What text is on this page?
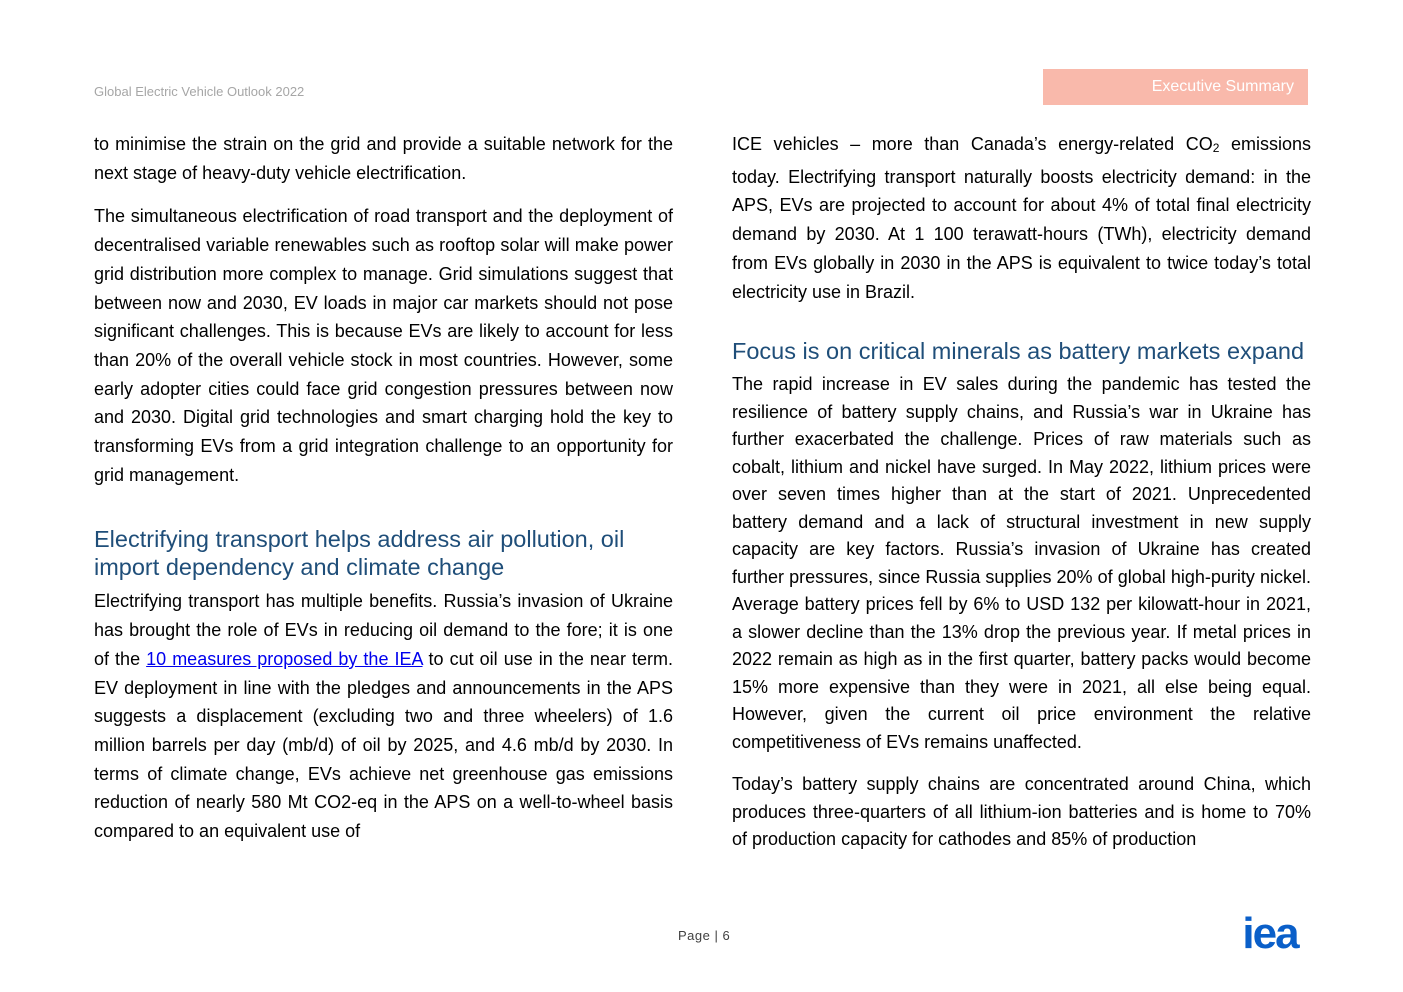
Global Electric Vehicle Outlook 2022	Executive Summary

to minimise the strain on the grid and provide a suitable network for the next stage of heavy-duty vehicle electrification.

The simultaneous electrification of road transport and the deployment of decentralised variable renewables such as rooftop solar will make power grid distribution more complex to manage. Grid simulations suggest that between now and 2030, EV loads in major car markets should not pose significant challenges. This is because EVs are likely to account for less than 20% of the overall vehicle stock in most countries. However, some early adopter cities could face grid congestion pressures between now and 2030. Digital grid technologies and smart charging hold the key to transforming EVs from a grid integration challenge to an opportunity for grid management.

Electrifying transport helps address air pollution, oil import dependency and climate change

Electrifying transport has multiple benefits. Russia’s invasion of Ukraine has brought the role of EVs in reducing oil demand to the fore; it is one of the 10 measures proposed by the IEA to cut oil use in the near term. EV deployment in line with the pledges and announcements in the APS suggests a displacement (excluding two and three wheelers) of 1.6 million barrels per day (mb/d) of oil by 2025, and 4.6 mb/d by 2030. In terms of climate change, EVs achieve net greenhouse gas emissions reduction of nearly 580 Mt CO2-eq in the APS on a well-to-wheel basis compared to an equivalent use of

ICE vehicles – more than Canada’s energy-related $CO_2$ emissions today. Electrifying transport naturally boosts electricity demand: in the APS, EVs are projected to account for about 4% of total final electricity demand by 2030. At 1 100 terawatt-hours (TWh), electricity demand from EVs globally in 2030 in the APS is equivalent to twice today’s total electricity use in Brazil.

Focus is on critical minerals as battery markets expand

The rapid increase in EV sales during the pandemic has tested the resilience of battery supply chains, and Russia’s war in Ukraine has further exacerbated the challenge. Prices of raw materials such as cobalt, lithium and nickel have surged. In May 2022, lithium prices were over seven times higher than at the start of 2021. Unprecedented battery demand and a lack of structural investment in new supply capacity are key factors. Russia’s invasion of Ukraine has created further pressures, since Russia supplies 20% of global high-purity nickel. Average battery prices fell by 6% to USD 132 per kilowatt-hour in 2021, a slower decline than the 13% drop the previous year. If metal prices in 2022 remain as high as in the first quarter, battery packs would become 15% more expensive than they were in 2021, all else being equal. However, given the current oil price environment the relative competitiveness of EVs remains unaffected.

Today’s battery supply chains are concentrated around China, which produces three-quarters of all lithium-ion batteries and is home to 70% of production capacity for cathodes and 85% of production

Page | 6	iea
